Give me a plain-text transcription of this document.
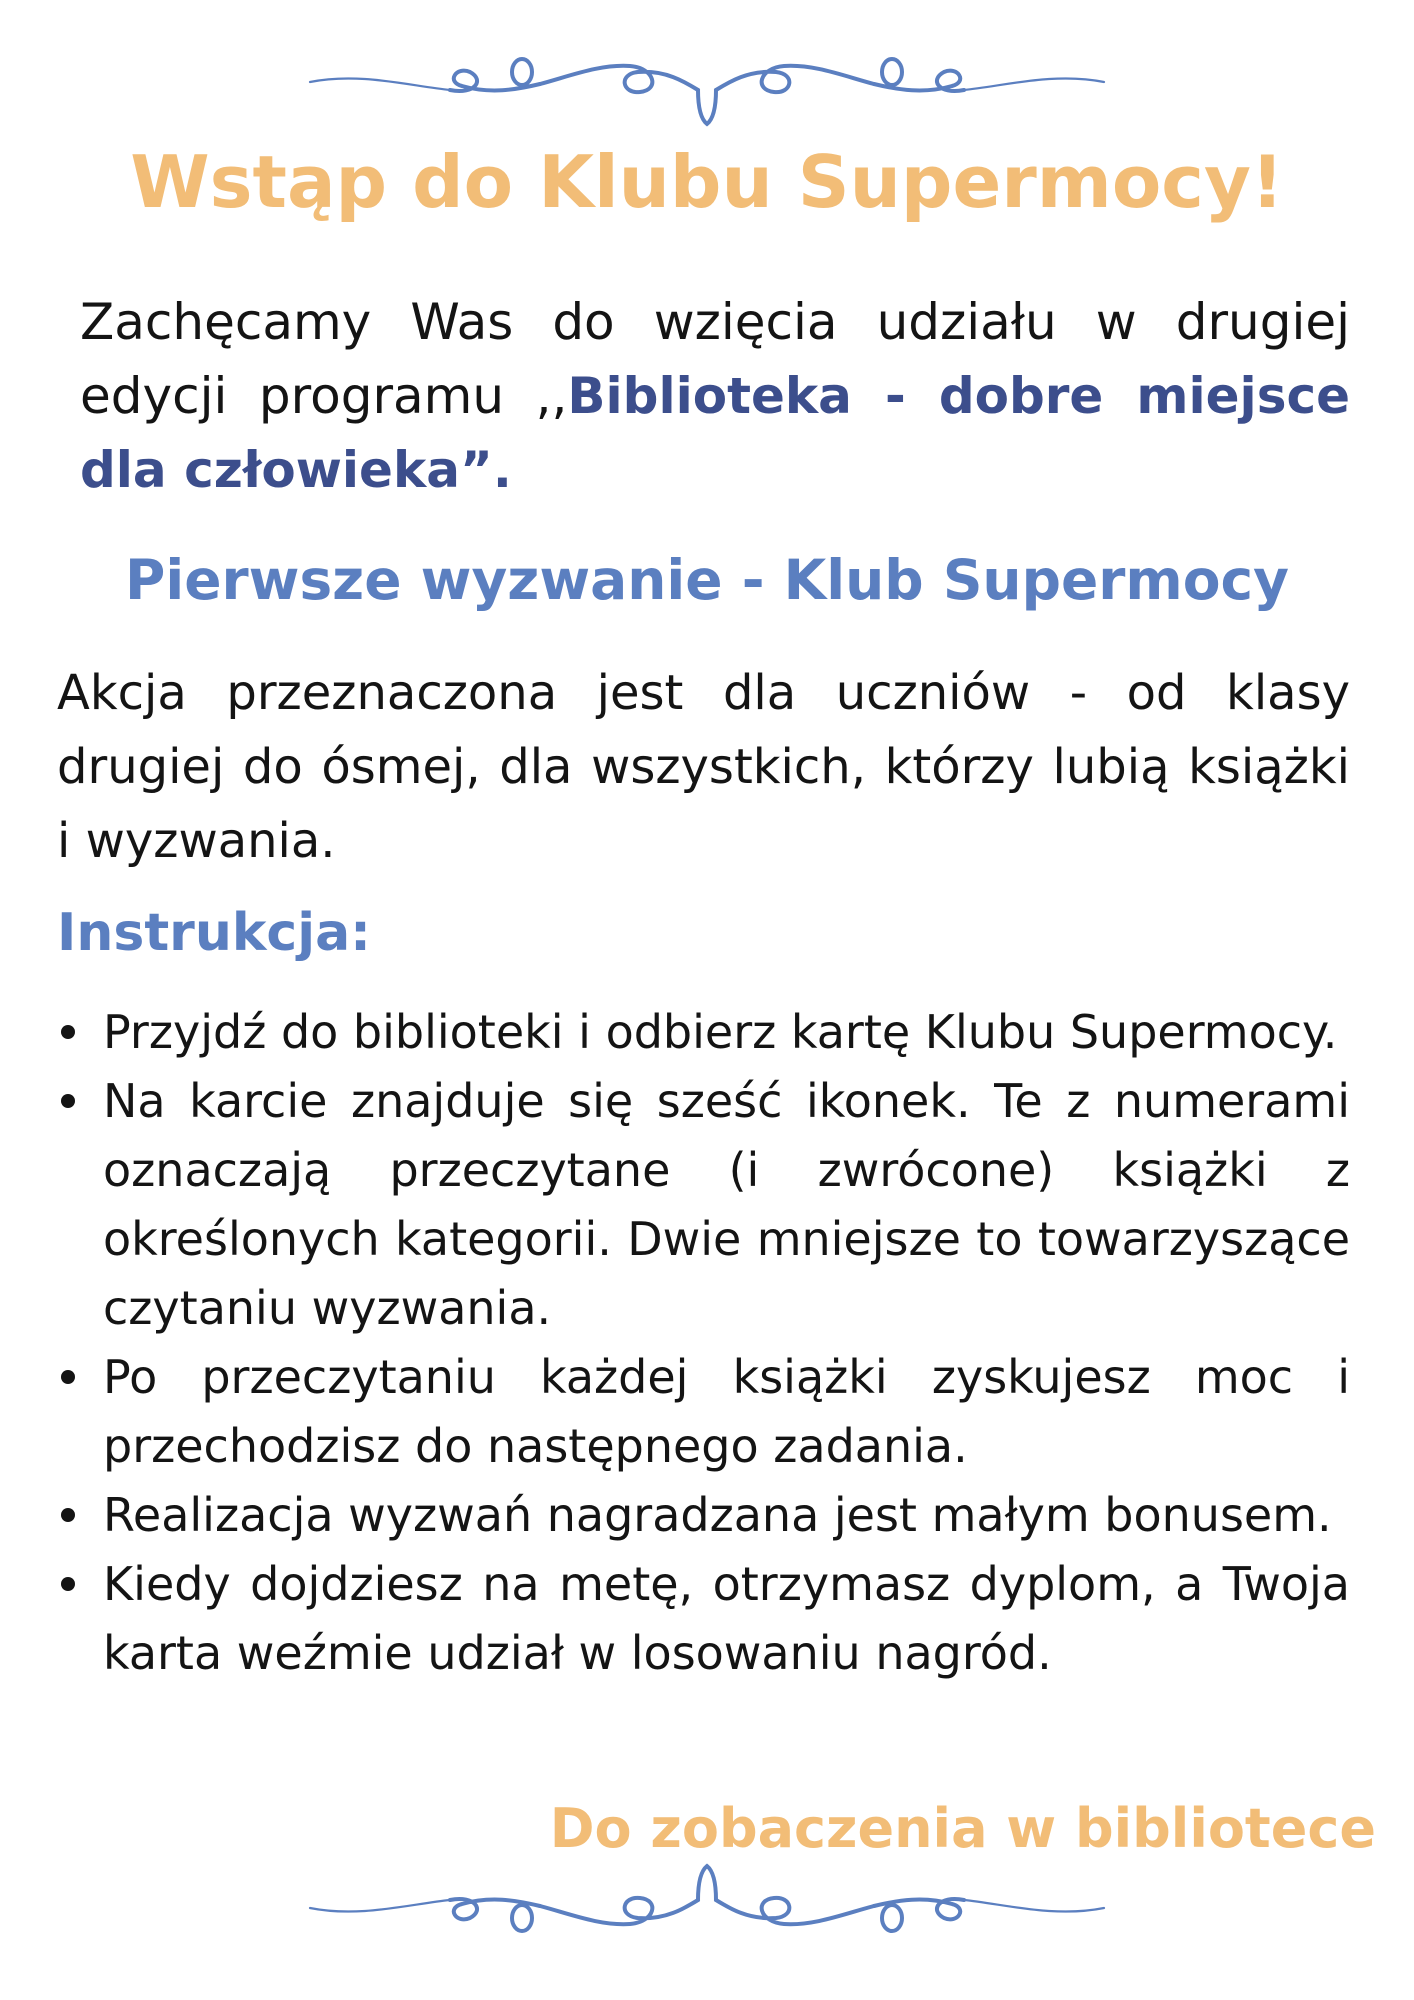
Wstąp do Klubu Supermocy!

Zachęcamy Was do wzięcia udziału w drugiej edycji programu ,,Biblioteka - dobre miejsce dla człowieka”.

Pierwsze wyzwanie - Klub Supermocy

Akcja przeznaczona jest dla uczniów - od klasy drugiej do ósmej, dla wszystkich, którzy lubią książki i wyzwania.

Instrukcja:
Przyjdź do biblioteki i odbierz kartę Klubu Supermocy.
Na karcie znajduje się sześć ikonek. Te z numerami oznaczają przeczytane (i zwrócone) książki z określonych kategorii. Dwie mniejsze to towarzyszące czytaniu wyzwania.
Po przeczytaniu każdej książki zyskujesz moc i przechodzisz do następnego zadania.
Realizacja wyzwań nagradzana jest małym bonusem.
Kiedy dojdziesz na metę, otrzymasz dyplom, a Twoja karta weźmie udział w losowaniu nagród.

Do zobaczenia w bibliotece
